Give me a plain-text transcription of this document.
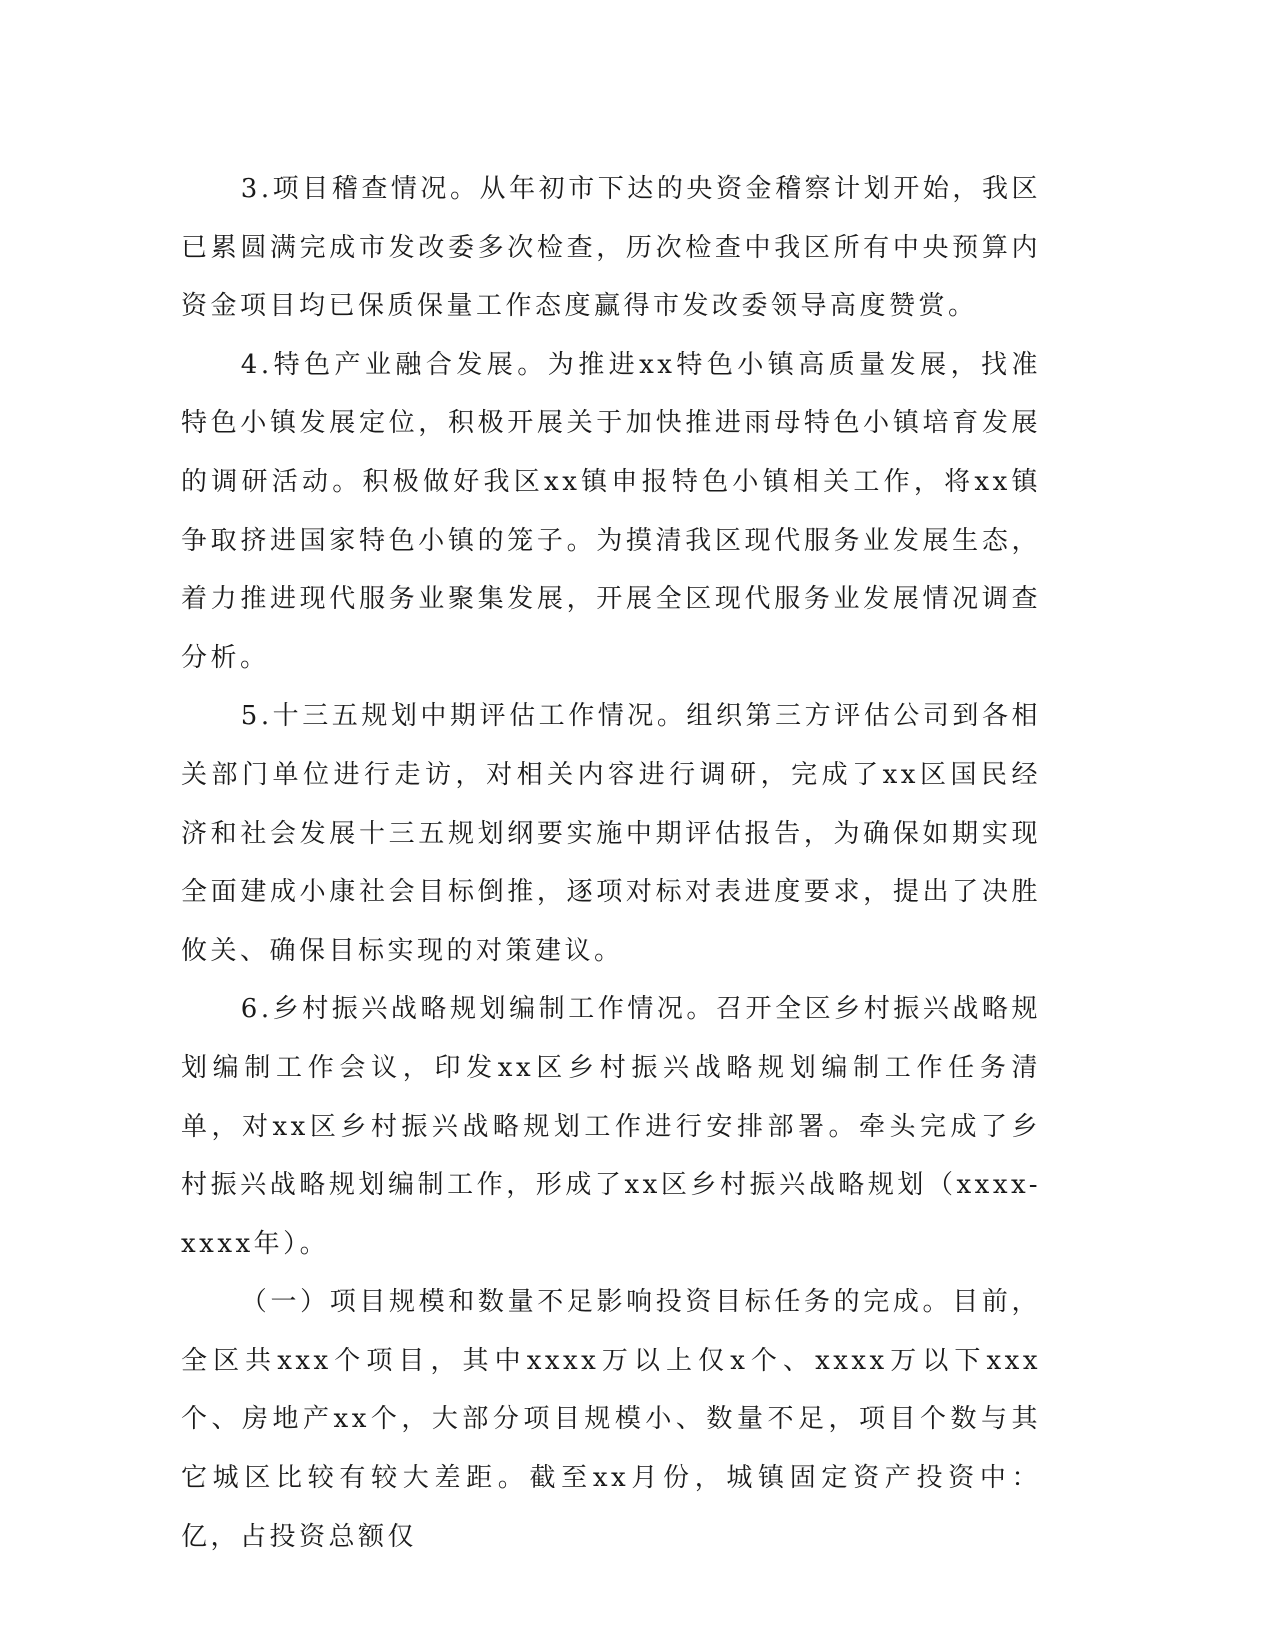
3.项目稽查情况。从年初市下达的央资金稽察计划开始，我区已累圆满完成市发改委多次检查，历次检查中我区所有中央预算内资金项目均已保质保量工作态度赢得市发改委领导高度赞赏。

4.特色产业融合发展。为推进xx特色小镇高质量发展，找准特色小镇发展定位，积极开展关于加快推进雨母特色小镇培育发展的调研活动。积极做好我区xx镇申报特色小镇相关工作，将xx镇争取挤进国家特色小镇的笼子。为摸清我区现代服务业发展生态，着力推进现代服务业聚集发展，开展全区现代服务业发展情况调查分析。

5.十三五规划中期评估工作情况。组织第三方评估公司到各相关部门单位进行走访，对相关内容进行调研，完成了xx区国民经济和社会发展十三五规划纲要实施中期评估报告，为确保如期实现全面建成小康社会目标倒推，逐项对标对表进度要求，提出了决胜攸关、确保目标实现的对策建议。

6.乡村振兴战略规划编制工作情况。召开全区乡村振兴战略规划编制工作会议，印发xx区乡村振兴战略规划编制工作任务清单，对xx区乡村振兴战略规划工作进行安排部署。牵头完成了乡村振兴战略规划编制工作，形成了xx区乡村振兴战略规划（xxxx-xxxx年）。

（一）项目规模和数量不足影响投资目标任务的完成。目前，全区共xxx个项目，其中xxxx万以上仅x个、xxxx万以下xxx个、房地产xx个，大部分项目规模小、数量不足，项目个数与其它城区比较有较大差距。截至xx月份，城镇固定资产投资中：亿，占投资总额仅
